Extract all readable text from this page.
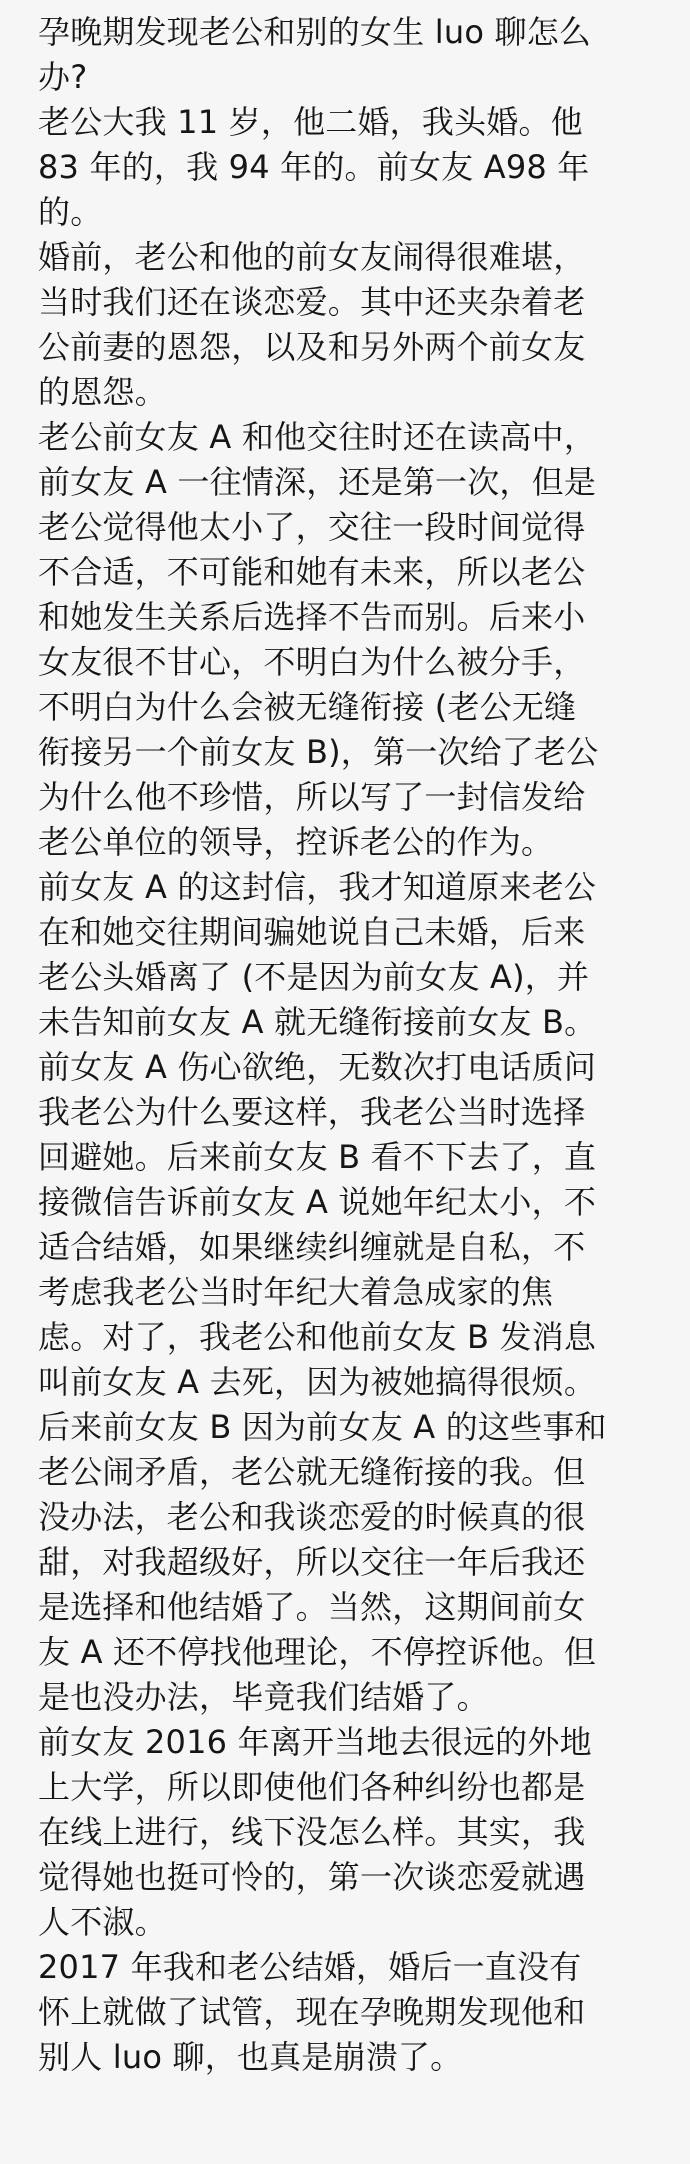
孕晚期发现老公和别的女生 luo 聊怎么
办?

老公大我 11 岁，他二婚，我头婚。他
83 年的，我 94 年的。前女友 A98 年
的。

婚前，老公和他的前女友闹得很难堪，
当时我们还在谈恋爱。其中还夹杂着老
公前妻的恩怨，以及和另外两个前女友
的恩怨。

老公前女友 A 和他交往时还在读高中，
前女友 A 一往情深，还是第一次，但是
老公觉得他太小了，交往一段时间觉得
不合适，不可能和她有未来，所以老公
和她发生关系后选择不告而别。后来小
女友很不甘心，不明白为什么被分手，
不明白为什么会被无缝衔接 (老公无缝
衔接另一个前女友 B)，第一次给了老公
为什么他不珍惜，所以写了一封信发给
老公单位的领导，控诉老公的作为。

前女友 A 的这封信，我才知道原来老公
在和她交往期间骗她说自己未婚，后来
老公头婚离了 (不是因为前女友 A)，并
未告知前女友 A 就无缝衔接前女友 B。

前女友 A 伤心欲绝，无数次打电话质问
我老公为什么要这样，我老公当时选择
回避她。后来前女友 B 看不下去了，直
接微信告诉前女友 A 说她年纪太小，不
适合结婚，如果继续纠缠就是自私，不
考虑我老公当时年纪大着急成家的焦
虑。对了，我老公和他前女友 B 发消息
叫前女友 A 去死，因为被她搞得很烦。

后来前女友 B 因为前女友 A 的这些事和
老公闹矛盾，老公就无缝衔接的我。但
没办法，老公和我谈恋爱的时候真的很
甜，对我超级好，所以交往一年后我还
是选择和他结婚了。当然，这期间前女
友 A 还不停找他理论，不停控诉他。但
是也没办法，毕竟我们结婚了。

前女友 2016 年离开当地去很远的外地
上大学，所以即使他们各种纠纷也都是
在线上进行，线下没怎么样。其实，我
觉得她也挺可怜的，第一次谈恋爱就遇
人不淑。

2017 年我和老公结婚，婚后一直没有
怀上就做了试管，现在孕晚期发现他和
别人 luo 聊，也真是崩溃了。
